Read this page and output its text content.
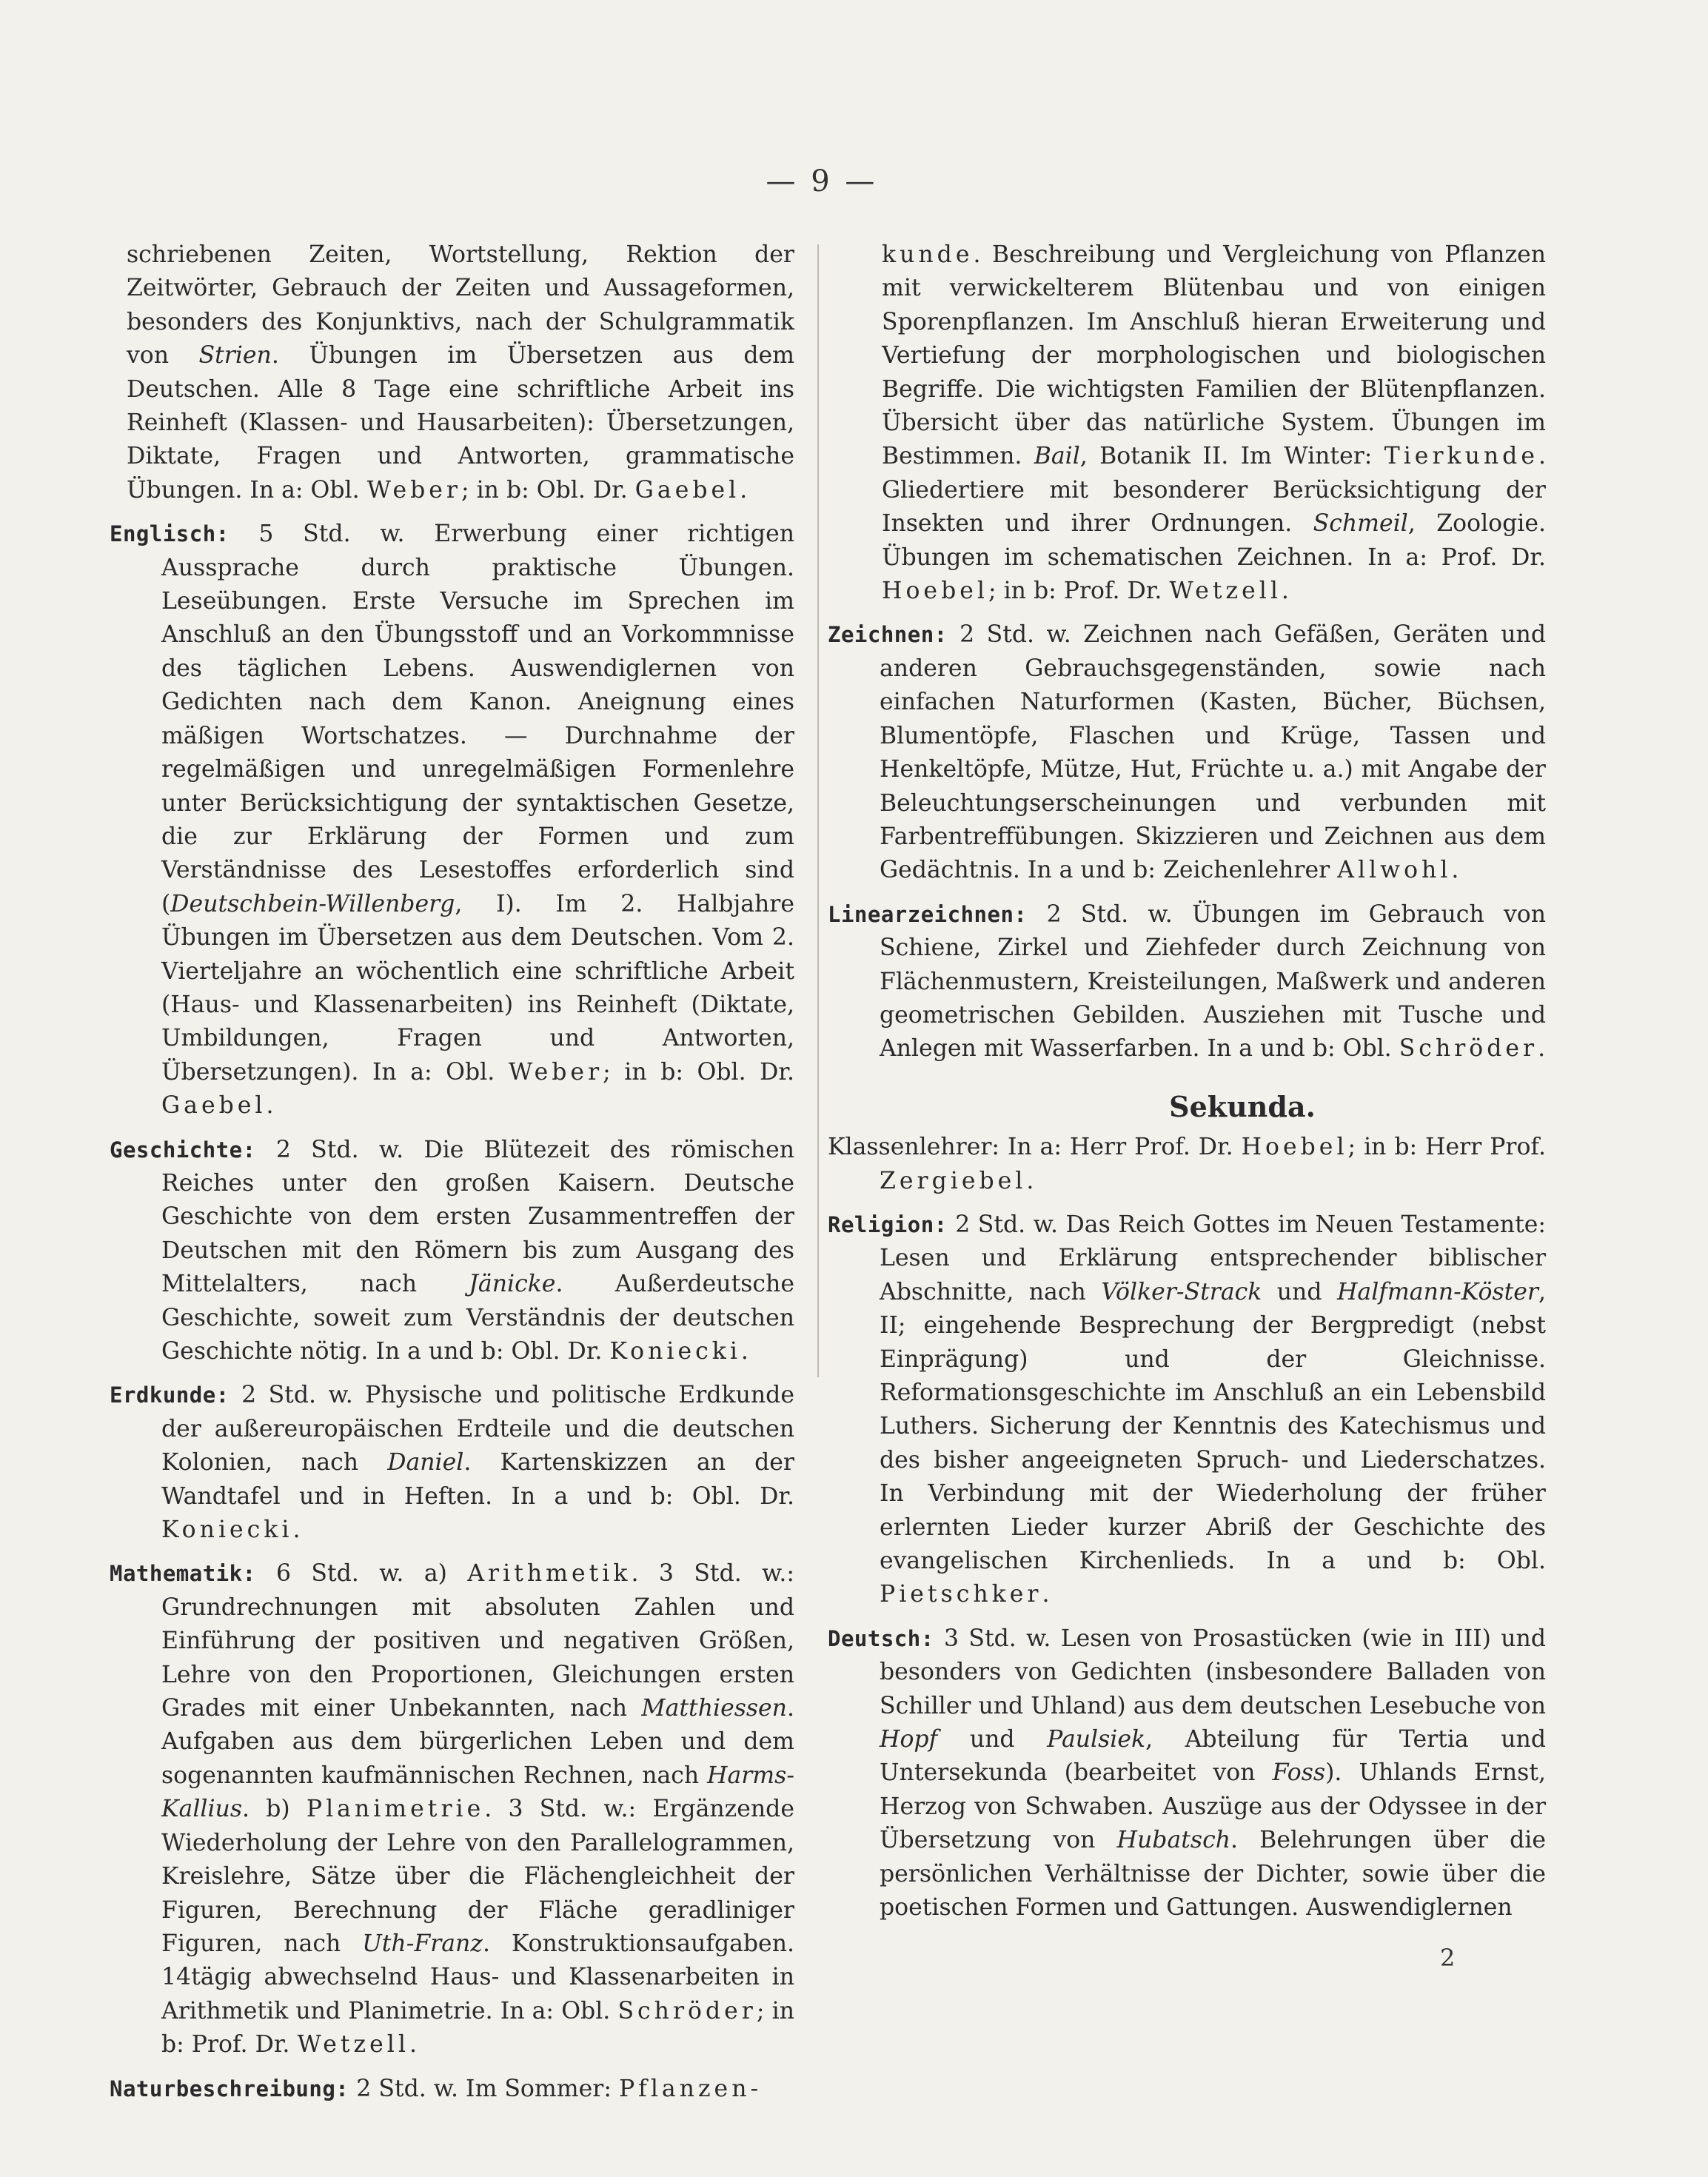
— 9 —

schriebenen Zeiten, Wortstellung, Rektion der Zeitwörter, Gebrauch der Zeiten und Aussageformen, besonders des Konjunktivs, nach der Schulgrammatik von Strien. Übungen im Übersetzen aus dem Deutschen. Alle 8 Tage eine schriftliche Arbeit ins Reinheft (Klassen- und Hausarbeiten): Übersetzungen, Diktate, Fragen und Antworten, grammatische Übungen. In a: Obl. Weber; in b: Obl. Dr. Gaebel.

Englisch: 5 Std. w. Erwerbung einer richtigen Aussprache durch praktische Übungen. Leseübungen. Erste Versuche im Sprechen im Anschluß an den Übungsstoff und an Vorkommnisse des täglichen Lebens. Auswendiglernen von Gedichten nach dem Kanon. Aneignung eines mäßigen Wortschatzes. — Durchnahme der regelmäßigen und unregelmäßigen Formenlehre unter Berücksichtigung der syntaktischen Gesetze, die zur Erklärung der Formen und zum Verständnisse des Lesestoffes erforderlich sind (Deutschbein-Willenberg, I). Im 2. Halbjahre Übungen im Übersetzen aus dem Deutschen. Vom 2. Vierteljahre an wöchentlich eine schriftliche Arbeit (Haus- und Klassenarbeiten) ins Reinheft (Diktate, Umbildungen, Fragen und Antworten, Übersetzungen). In a: Obl. Weber; in b: Obl. Dr. Gaebel.

Geschichte: 2 Std. w. Die Blütezeit des römischen Reiches unter den großen Kaisern. Deutsche Geschichte von dem ersten Zusammentreffen der Deutschen mit den Römern bis zum Ausgang des Mittelalters, nach Jänicke. Außerdeutsche Geschichte, soweit zum Verständnis der deutschen Geschichte nötig. In a und b: Obl. Dr. Koniecki.

Erdkunde: 2 Std. w. Physische und politische Erdkunde der außereuropäischen Erdteile und die deutschen Kolonien, nach Daniel. Kartenskizzen an der Wandtafel und in Heften. In a und b: Obl. Dr. Koniecki.

Mathematik: 6 Std. w. a) Arithmetik. 3 Std. w.: Grundrechnungen mit absoluten Zahlen und Einführung der positiven und negativen Größen, Lehre von den Proportionen, Gleichungen ersten Grades mit einer Unbekannten, nach Matthiessen. Aufgaben aus dem bürgerlichen Leben und dem sogenannten kaufmännischen Rechnen, nach Harms-Kallius. b) Planimetrie. 3 Std. w.: Ergänzende Wiederholung der Lehre von den Parallelogrammen, Kreislehre, Sätze über die Flächengleichheit der Figuren, Berechnung der Fläche geradliniger Figuren, nach Uth-Franz. Konstruktionsaufgaben. 14tägig abwechselnd Haus- und Klassenarbeiten in Arithmetik und Planimetrie. In a: Obl. Schröder; in b: Prof. Dr. Wetzell.

Naturbeschreibung: 2 Std. w. Im Sommer: Pflanzen-

kunde. Beschreibung und Vergleichung von Pflanzen mit verwickelterem Blütenbau und von einigen Sporenpflanzen. Im Anschluß hieran Erweiterung und Vertiefung der morphologischen und biologischen Begriffe. Die wichtigsten Familien der Blütenpflanzen. Übersicht über das natürliche System. Übungen im Bestimmen. Bail, Botanik II. Im Winter: Tierkunde. Gliedertiere mit besonderer Berücksichtigung der Insekten und ihrer Ordnungen. Schmeil, Zoologie. Übungen im schematischen Zeichnen. In a: Prof. Dr. Hoebel; in b: Prof. Dr. Wetzell.

Zeichnen: 2 Std. w. Zeichnen nach Gefäßen, Geräten und anderen Gebrauchsgegenständen, sowie nach einfachen Naturformen (Kasten, Bücher, Büchsen, Blumentöpfe, Flaschen und Krüge, Tassen und Henkeltöpfe, Mütze, Hut, Früchte u. a.) mit Angabe der Beleuchtungserscheinungen und verbunden mit Farbentreffübungen. Skizzieren und Zeichnen aus dem Gedächtnis. In a und b: Zeichenlehrer Allwohl.

Linearzeichnen: 2 Std. w. Übungen im Gebrauch von Schiene, Zirkel und Ziehfeder durch Zeichnung von Flächenmustern, Kreisteilungen, Maßwerk und anderen geometrischen Gebilden. Ausziehen mit Tusche und Anlegen mit Wasserfarben. In a und b: Obl. Schröder.

Sekunda.

Klassenlehrer: In a: Herr Prof. Dr. Hoebel; in b: Herr Prof. Zergiebel.

Religion: 2 Std. w. Das Reich Gottes im Neuen Testamente: Lesen und Erklärung entsprechender biblischer Abschnitte, nach Völker-Strack und Halfmann-Köster, II; eingehende Besprechung der Bergpredigt (nebst Einprägung) und der Gleichnisse. Reformationsgeschichte im Anschluß an ein Lebensbild Luthers. Sicherung der Kenntnis des Katechismus und des bisher angeeigneten Spruch- und Liederschatzes. In Verbindung mit der Wiederholung der früher erlernten Lieder kurzer Abriß der Geschichte des evangelischen Kirchenlieds. In a und b: Obl. Pietschker.

Deutsch: 3 Std. w. Lesen von Prosastücken (wie in III) und besonders von Gedichten (insbesondere Balladen von Schiller und Uhland) aus dem deutschen Lesebuche von Hopf und Paulsiek, Abteilung für Tertia und Untersekunda (bearbeitet von Foss). Uhlands Ernst, Herzog von Schwaben. Auszüge aus der Odyssee in der Übersetzung von Hubatsch. Belehrungen über die persönlichen Verhältnisse der Dichter, sowie über die poetischen Formen und Gattungen. Auswendiglernen

2
